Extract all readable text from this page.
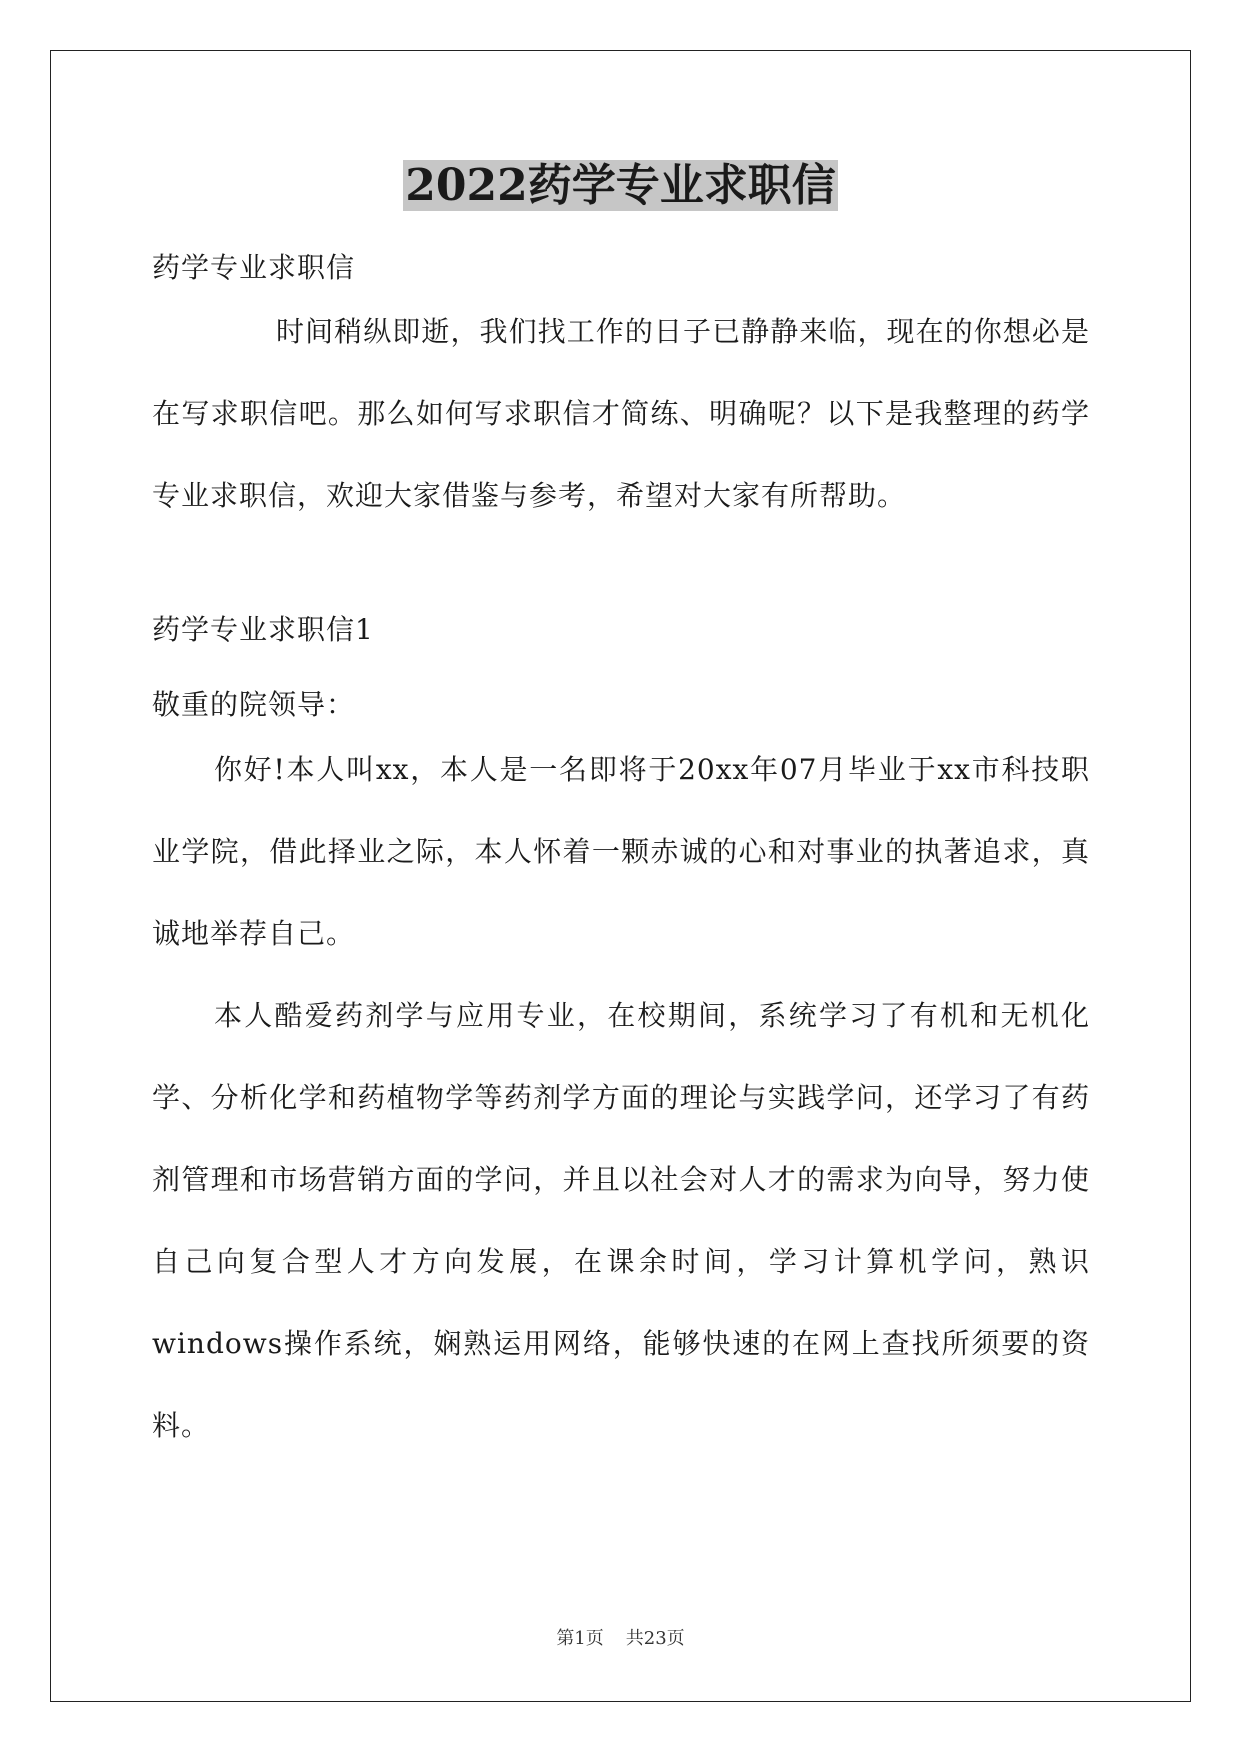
2022药学专业求职信

药学专业求职信

时间稍纵即逝，我们找工作的日子已静静来临，现在的你想必是在写求职信吧。那么如何写求职信才简练、明确呢？以下是我整理的药学专业求职信，欢迎大家借鉴与参考，希望对大家有所帮助。

药学专业求职信1

敬重的院领导：

你好!本人叫xx，本人是一名即将于20xx年07月毕业于xx市科技职业学院，借此择业之际，本人怀着一颗赤诚的心和对事业的执著追求，真诚地举荐自己。

本人酷爱药剂学与应用专业，在校期间，系统学习了有机和无机化学、分析化学和药植物学等药剂学方面的理论与实践学问，还学习了有药剂管理和市场营销方面的学问，并且以社会对人才的需求为向导，努力使自己向复合型人才方向发展，在课余时间，学习计算机学问，熟识windows操作系统，娴熟运用网络，能够快速的在网上查找所须要的资料。

第1页 共23页
